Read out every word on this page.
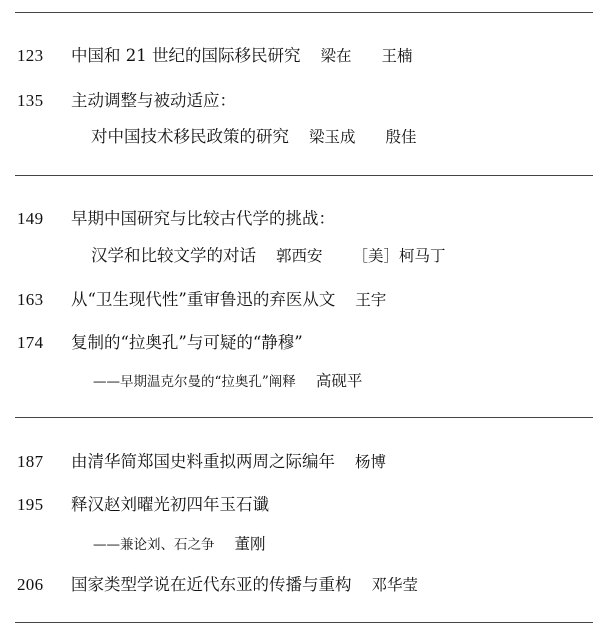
123 中国和 21 世纪的国际移民研究 梁在 王楠
135 主动调整与被动适应：
对中国技术移民政策的研究 梁玉成 殷佳
149 早期中国研究与比较古代学的挑战：
汉学和比较文学的对话 郭西安 ［美］柯马丁
163 从“卫生现代性”重审鲁迅的弃医从文 王宇
174 复制的“拉奥孔”与可疑的“静穆”
——早期温克尔曼的“拉奥孔”阐释 高砚平
187 由清华简郑国史料重拟两周之际编年 杨博
195 释汉赵刘曜光初四年玉石谶
——兼论刘、石之争 董刚
206 国家类型学说在近代东亚的传播与重构 邓华莹
